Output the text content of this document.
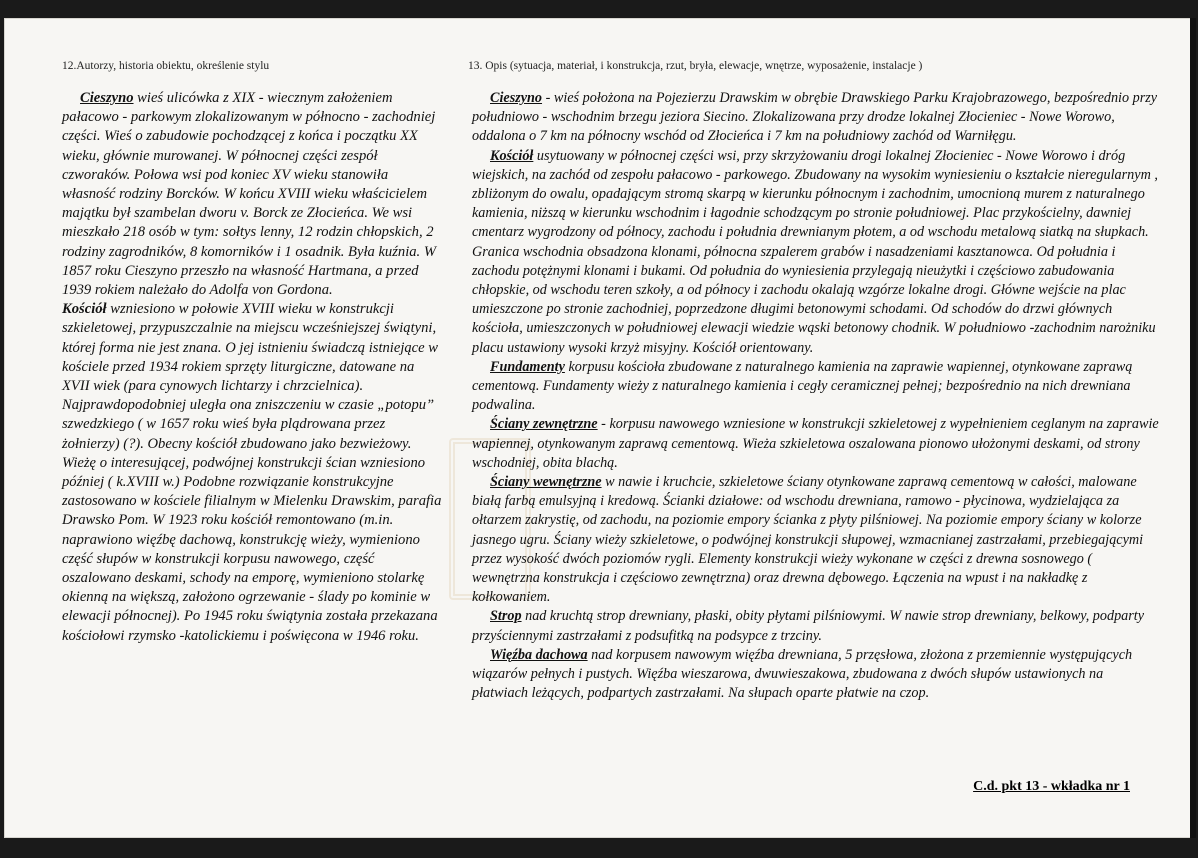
12.Autorzy, historia obiektu, określenie stylu

Cieszyno wieś ulicówka z XIX - wiecznym założeniem pałacowo - parkowym zlokalizowanym w północno - zachodniej części. Wieś o zabudowie pochodzącej z końca i początku XX wieku, głównie murowanej. W północnej części zespół czworaków. Połowa wsi pod koniec XV wieku stanowiła własność rodziny Borcków. W końcu XVIII wieku właścicielem majątku był szambelan dworu v. Borck ze Złocieńca. We wsi mieszkało 218 osób w tym: sołtys lenny, 12 rodzin chłopskich, 2 rodziny zagrodników, 8 komorników i 1 osadnik. Była kuźnia. W 1857 roku Cieszyno przeszło na własność Hartmana, a przed 1939 rokiem należało do Adolfa von Gordona.

Kościół wzniesiono w połowie XVIII wieku w konstrukcji szkieletowej, przypuszczalnie na miejscu wcześniejszej świątyni, której forma nie jest znana. O jej istnieniu świadczą istniejące w kościele przed 1934 rokiem sprzęty liturgiczne, datowane na XVII wiek (para cynowych lichtarzy i chrzcielnica). Najprawdopodobniej uległa ona zniszczeniu w czasie „potopu” szwedzkiego ( w 1657 roku wieś była plądrowana przez żołnierzy) (?). Obecny kościół zbudowano jako bezwieżowy. Wieżę o interesującej, podwójnej konstrukcji ścian wzniesiono później ( k.XVIII w.) Podobne rozwiązanie konstrukcyjne zastosowano w kościele filialnym w Mielenku Drawskim, parafia Drawsko Pom. W 1923 roku kościół remontowano (m.in. naprawiono więźbę dachową, konstrukcję wieży, wymieniono część słupów w konstrukcji korpusu nawowego, część oszalowano deskami, schody na emporę, wymieniono stolarkę okienną na większą, założono ogrzewanie - ślady po kominie w elewacji północnej). Po 1945 roku świątynia została przekazana kościołowi rzymsko -katolickiemu i poświęcona w 1946 roku.

13. Opis (sytuacja, materiał, i konstrukcja, rzut, bryła, elewacje, wnętrze, wyposażenie, instalacje )

Cieszyno - wieś położona na Pojezierzu Drawskim w obrębie Drawskiego Parku Krajobrazowego, bezpośrednio przy południowo - wschodnim brzegu jeziora Siecino. Zlokalizowana przy drodze lokalnej Złocieniec - Nowe Worowo, oddalona o 7 km na północny wschód od Złocieńca i 7 km na południowy zachód od Warniłęgu.

Kościół usytuowany w północnej części wsi, przy skrzyżowaniu drogi lokalnej Złocieniec - Nowe Worowo i dróg wiejskich, na zachód od zespołu pałacowo - parkowego. Zbudowany na wysokim wyniesieniu o kształcie nieregularnym , zbliżonym do owalu, opadającym stromą skarpą w kierunku północnym i zachodnim, umocnioną murem z naturalnego kamienia, niższą w kierunku wschodnim i łagodnie schodzącym po stronie południowej. Plac przykościelny, dawniej cmentarz wygrodzony od północy, zachodu i południa drewnianym płotem, a od wschodu metalową siatką na słupkach. Granica wschodnia obsadzona klonami, północna szpalerem grabów i nasadzeniami kasztanowca. Od południa i zachodu potężnymi klonami i bukami. Od południa do wyniesienia przylegają nieużytki i częściowo zabudowania chłopskie, od wschodu teren szkoły, a od północy i zachodu okalają wzgórze lokalne drogi. Główne wejście na plac umieszczone po stronie zachodniej, poprzedzone długimi betonowymi schodami. Od schodów do drzwi głównych kościoła, umieszczonych w południowej elewacji wiedzie wąski betonowy chodnik. W południowo -zachodnim narożniku placu ustawiony wysoki krzyż misyjny. Kościół orientowany.

Fundamenty korpusu kościoła zbudowane z naturalnego kamienia na zaprawie wapiennej, otynkowane zaprawą cementową. Fundamenty wieży z naturalnego kamienia i cegły ceramicznej pełnej; bezpośrednio na nich drewniana podwalina.

Ściany zewnętrzne - korpusu nawowego wzniesione w konstrukcji szkieletowej z wypełnieniem ceglanym na zaprawie wapiennej, otynkowanym zaprawą cementową. Wieża szkieletowa oszalowana pionowo ułożonymi deskami, od strony wschodniej, obita blachą.

Ściany wewnętrzne w nawie i kruchcie, szkieletowe ściany otynkowane zaprawą cementową w całości, malowane białą farbą emulsyjną i kredową. Ścianki działowe: od wschodu drewniana, ramowo - płycinowa, wydzielająca za ołtarzem zakrystię, od zachodu, na poziomie empory ścianka z płyty pilśniowej. Na poziomie empory ściany w kolorze jasnego ugru. Ściany wieży szkieletowe, o podwójnej konstrukcji słupowej, wzmacnianej zastrzałami, przebiegającymi przez wysokość dwóch poziomów rygli. Elementy konstrukcji wieży wykonane w części z drewna sosnowego ( wewnętrzna konstrukcja i częściowo zewnętrzna) oraz drewna dębowego. Łączenia na wpust i na nakładkę z kołkowaniem.

Strop nad kruchtą strop drewniany, płaski, obity płytami pilśniowymi. W nawie strop drewniany, belkowy, podparty przyściennymi zastrzałami z podsufitką na podsypce z trzciny.

Więźba dachowa nad korpusem nawowym więźba drewniana, 5 przęsłowa, złożona z przemiennie występujących wiązarów pełnych i pustych. Więźba wieszarowa, dwuwieszakowa, zbudowana z dwóch słupów ustawionych na płatwiach leżących, podpartych zastrzałami. Na słupach oparte płatwie na czop.

C.d. pkt 13 - wkładka nr 1
